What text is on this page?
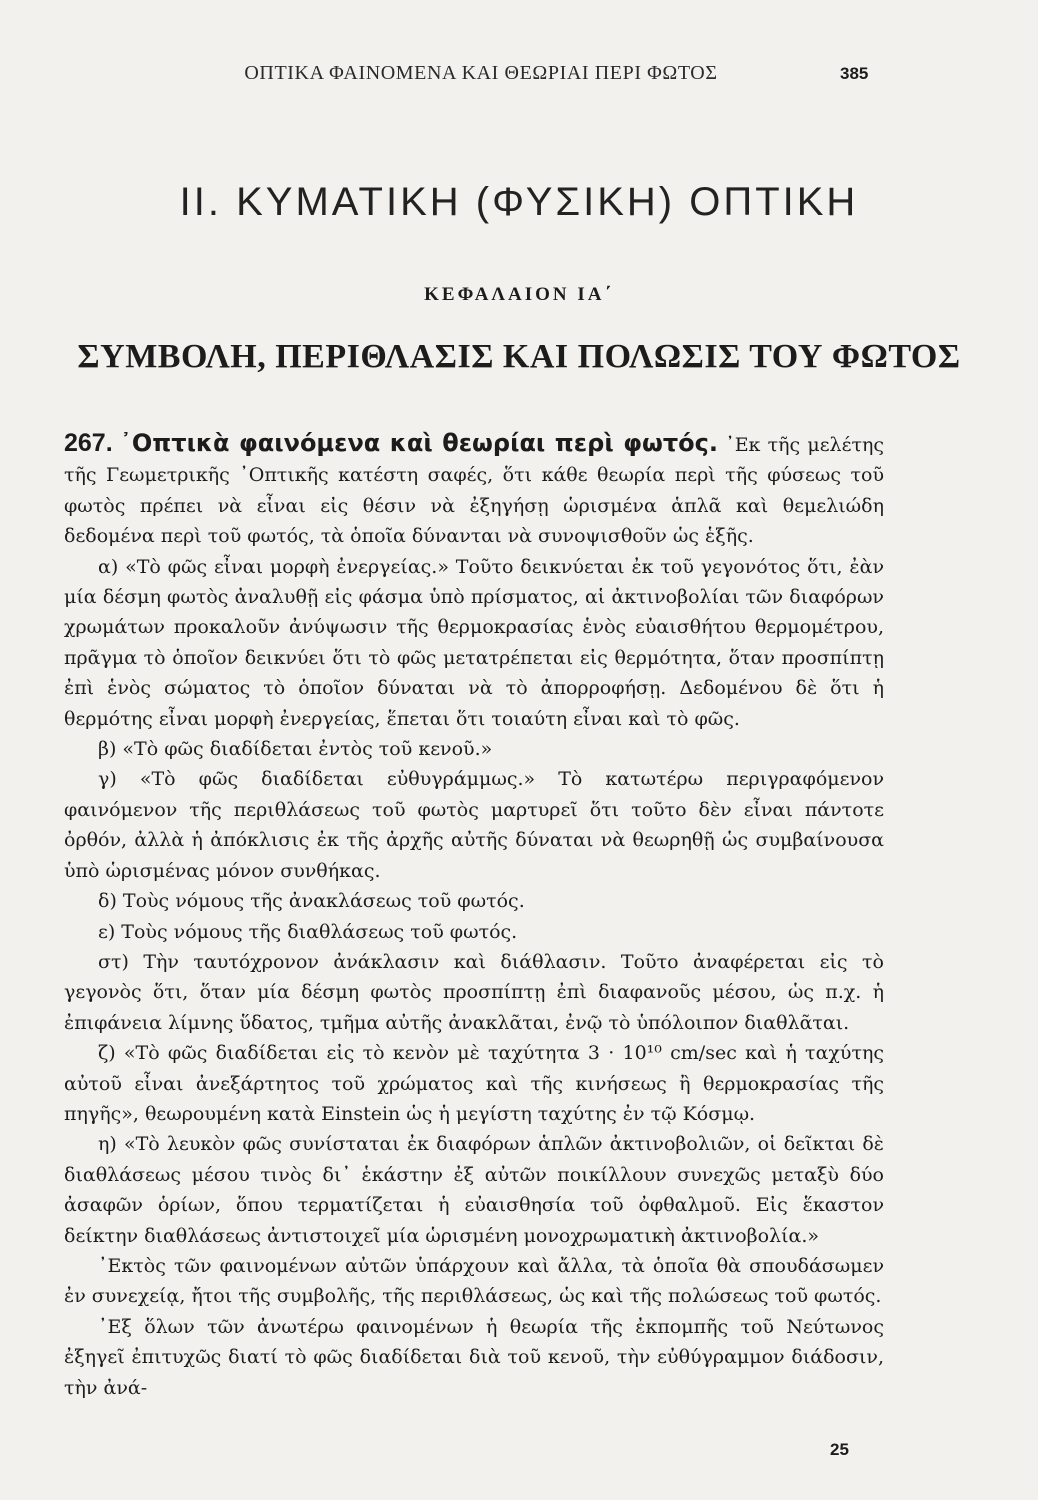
ΟΠΤΙΚΑ ΦΑΙΝΟΜΕΝΑ ΚΑΙ ΘΕΩΡΙΑΙ ΠΕΡΙ ΦΩΤΟΣ	385
ΙΙ. ΚΥΜΑΤΙΚΗ (ΦΥΣΙΚΗ) ΟΠΤΙΚΗ
ΚΕΦΑΛΑΙΟΝ ΙΑ΄
ΣΥΜΒΟΛΗ, ΠΕΡΙΘΛΑΣΙΣ ΚΑΙ ΠΟΛΩΣΙΣ ΤΟΥ ΦΩΤΟΣ

267. ᾿Οπτικὰ φαινόμενα καὶ θεωρίαι περὶ φωτός. ᾿Εκ τῆς μελέτης τῆς Γεωμετρικῆς ᾿Οπτικῆς κατέστη σαφές, ὅτι κάθε θεωρία περὶ τῆς φύσεως τοῦ φωτὸς πρέπει νὰ εἶναι εἰς θέσιν νὰ ἐξηγήσῃ ὡρισμένα ἁπλᾶ καὶ θεμελιώδη δεδομένα περὶ τοῦ φωτός, τὰ ὁποῖα δύνανται νὰ συνοψισθοῦν ὡς ἑξῆς.

α) «Τὸ φῶς εἶναι μορφὴ ἐνεργείας.» Τοῦτο δεικνύεται ἐκ τοῦ γεγονότος ὅτι, ἐὰν μία δέσμη φωτὸς ἀναλυθῇ εἰς φάσμα ὑπὸ πρίσματος, αἱ ἀκτινοβολίαι τῶν διαφόρων χρωμάτων προκαλοῦν ἀνύψωσιν τῆς θερμοκρασίας ἑνὸς εὐαισθήτου θερμομέτρου, πρᾶγμα τὸ ὁποῖον δεικνύει ὅτι τὸ φῶς μετατρέπεται εἰς θερμότητα, ὅταν προσπίπτῃ ἐπὶ ἑνὸς σώματος τὸ ὁποῖον δύναται νὰ τὸ ἀπορροφήσῃ. Δεδομένου δὲ ὅτι ἡ θερμότης εἶναι μορφὴ ἐνεργείας, ἕπεται ὅτι τοιαύτη εἶναι καὶ τὸ φῶς.

β) «Τὸ φῶς διαδίδεται ἐντὸς τοῦ κενοῦ.»

γ) «Τὸ φῶς διαδίδεται εὐθυγράμμως.» Τὸ κατωτέρω περιγραφόμενον φαινόμενον τῆς περιθλάσεως τοῦ φωτὸς μαρτυρεῖ ὅτι τοῦτο δὲν εἶναι πάντοτε ὀρθόν, ἀλλὰ ἡ ἀπόκλισις ἐκ τῆς ἀρχῆς αὐτῆς δύναται νὰ θεωρηθῇ ὡς συμβαίνουσα ὑπὸ ὡρισμένας μόνον συνθήκας.

δ) Τοὺς νόμους τῆς ἀνακλάσεως τοῦ φωτός.

ε) Τοὺς νόμους τῆς διαθλάσεως τοῦ φωτός.

στ) Τὴν ταυτόχρονον ἀνάκλασιν καὶ διάθλασιν. Τοῦτο ἀναφέρεται εἰς τὸ γεγονὸς ὅτι, ὅταν μία δέσμη φωτὸς προσπίπτῃ ἐπὶ διαφανοῦς μέσου, ὡς π.χ. ἡ ἐπιφάνεια λίμνης ὕδατος, τμῆμα αὐτῆς ἀνακλᾶται, ἐνῷ τὸ ὑπόλοιπον διαθλᾶται.

ζ) «Τὸ φῶς διαδίδεται εἰς τὸ κενὸν μὲ ταχύτητα 3 · 10¹⁰ cm/sec καὶ ἡ ταχύτης αὐτοῦ εἶναι ἀνεξάρτητος τοῦ χρώματος καὶ τῆς κινήσεως ἢ θερμοκρασίας τῆς πηγῆς», θεωρουμένη κατὰ Einstein ὡς ἡ μεγίστη ταχύτης ἐν τῷ Κόσμῳ.

η) «Τὸ λευκὸν φῶς συνίσταται ἐκ διαφόρων ἁπλῶν ἀκτινοβολιῶν, οἱ δεῖκται δὲ διαθλάσεως μέσου τινὸς δι᾿ ἑκάστην ἐξ αὐτῶν ποικίλλουν συνεχῶς μεταξὺ δύο ἀσαφῶν ὁρίων, ὅπου τερματίζεται ἡ εὐαισθησία τοῦ ὀφθαλμοῦ. Εἰς ἕκαστον δείκτην διαθλάσεως ἀντιστοιχεῖ μία ὡρισμένη μονοχρωματικὴ ἀκτινοβολία.»

᾿Εκτὸς τῶν φαινομένων αὐτῶν ὑπάρχουν καὶ ἄλλα, τὰ ὁποῖα θὰ σπουδάσωμεν ἐν συνεχείᾳ, ἤτοι τῆς συμβολῆς, τῆς περιθλάσεως, ὡς καὶ τῆς πολώσεως τοῦ φωτός.

᾿Εξ ὅλων τῶν ἀνωτέρω φαινομένων ἡ θεωρία τῆς ἐκπομπῆς τοῦ Νεύτωνος ἐξηγεῖ ἐπιτυχῶς διατί τὸ φῶς διαδίδεται διὰ τοῦ κενοῦ, τὴν εὐθύγραμμον διάδοσιν, τὴν ἀνά-

25
